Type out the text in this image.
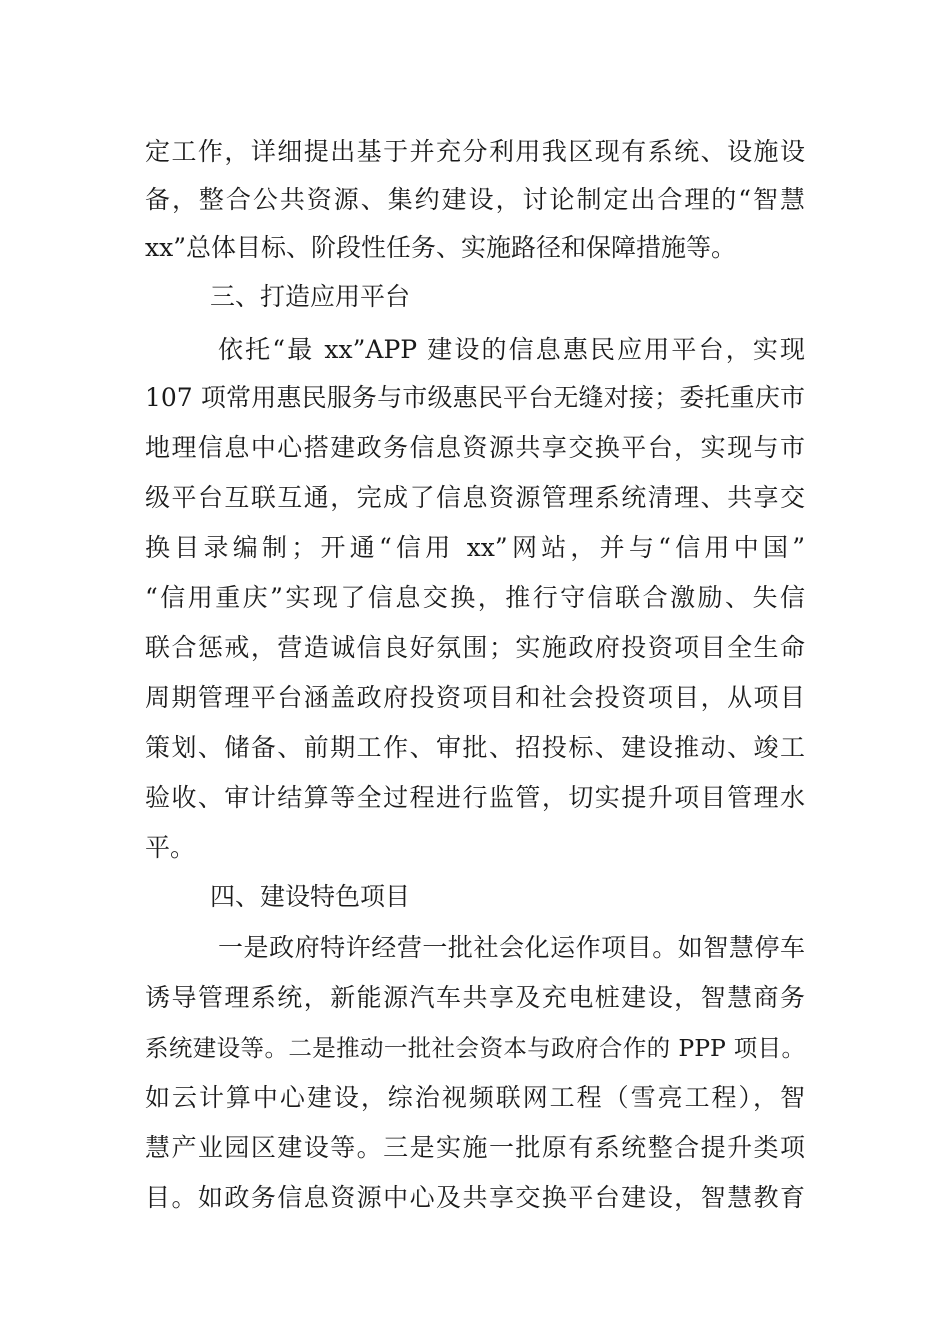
定工作，详细提出基于并充分利用我区现有系统、设施设
备，整合公共资源、集约建设，讨论制定出合理的“智慧
xx”总体目标、阶段性任务、实施路径和保障措施等。
三、打造应用平台
依托“最 xx”APP 建设的信息惠民应用平台，实现
107 项常用惠民服务与市级惠民平台无缝对接；委托重庆市
地理信息中心搭建政务信息资源共享交换平台，实现与市
级平台互联互通，完成了信息资源管理系统清理、共享交
换目录编制；开通“信用 xx”网站，并与“信用中国”
“信用重庆”实现了信息交换，推行守信联合激励、失信
联合惩戒，营造诚信良好氛围；实施政府投资项目全生命
周期管理平台涵盖政府投资项目和社会投资项目，从项目
策划、储备、前期工作、审批、招投标、建设推动、竣工
验收、审计结算等全过程进行监管，切实提升项目管理水
平。
四、建设特色项目
一是政府特许经营一批社会化运作项目。如智慧停车
诱导管理系统，新能源汽车共享及充电桩建设，智慧商务
系统建设等。二是推动一批社会资本与政府合作的 PPP 项目。
如云计算中心建设，综治视频联网工程（雪亮工程），智
慧产业园区建设等。三是实施一批原有系统整合提升类项
目。如政务信息资源中心及共享交换平台建设，智慧教育
